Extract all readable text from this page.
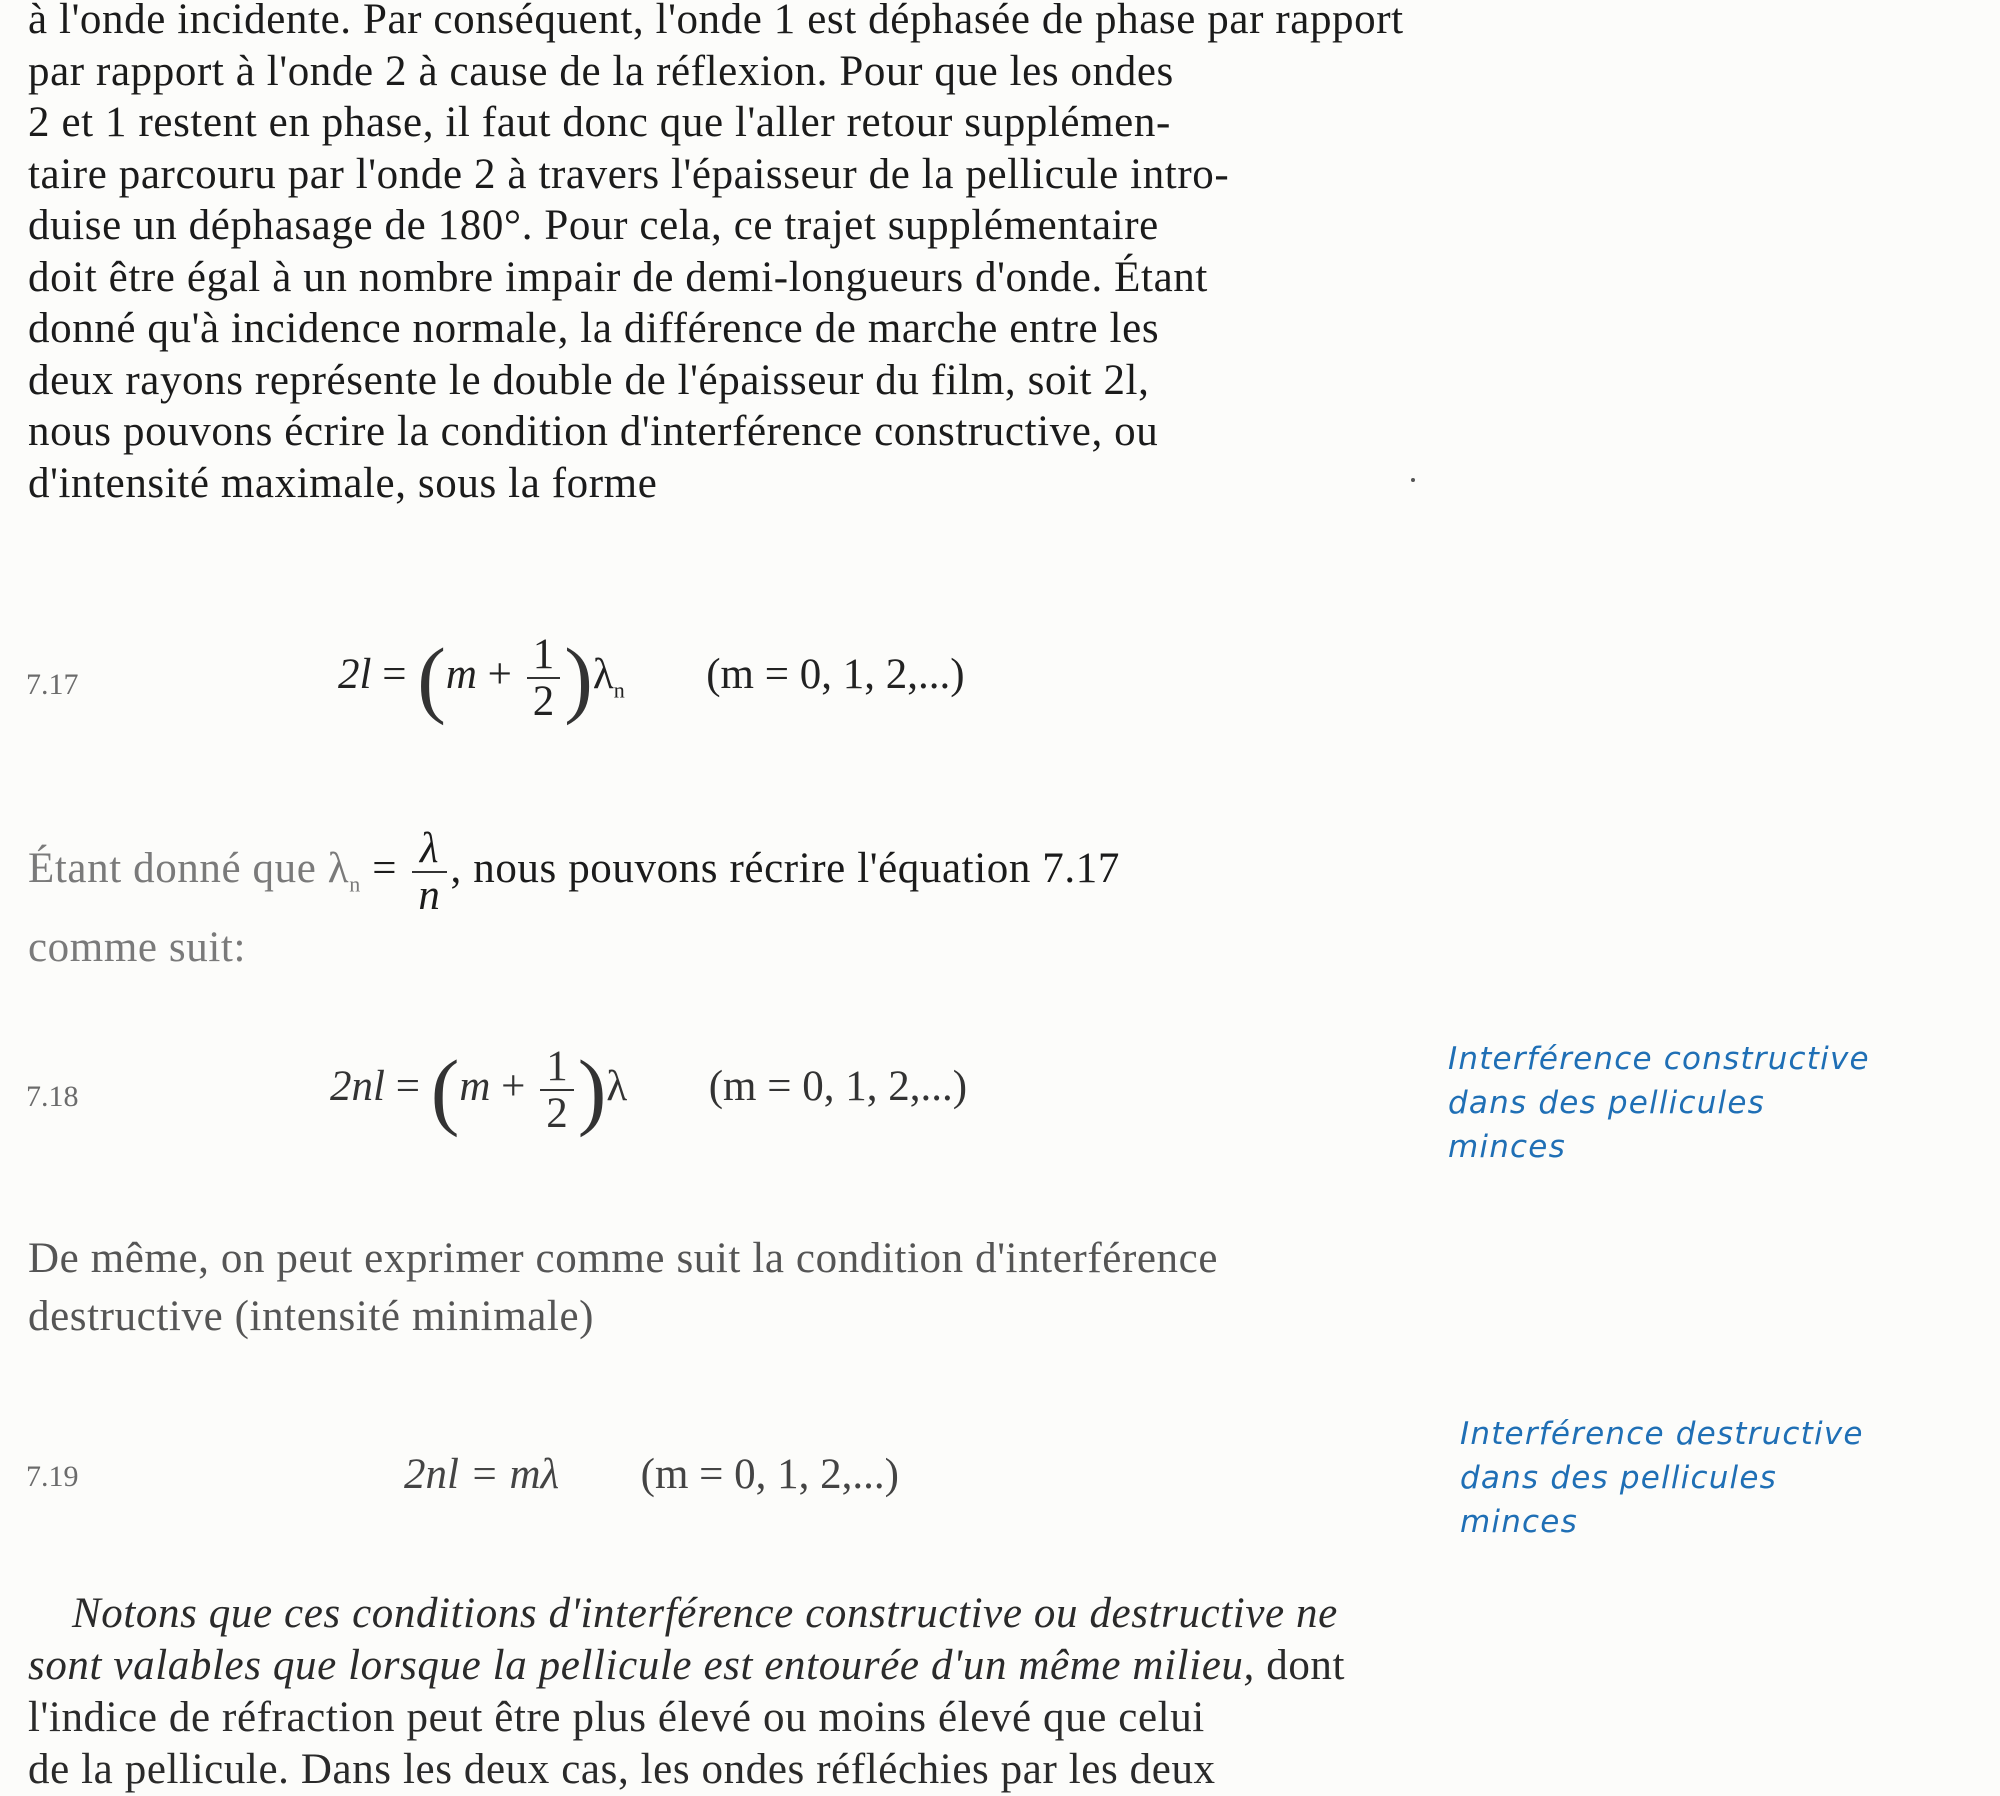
à l'onde incidente. Par conséquent, l'onde 1 est déphasée de phase par rapport
par rapport à l'onde 2 à cause de la réflexion. Pour que les ondes
2 et 1 restent en phase, il faut donc que l'aller retour supplémen-
taire parcouru par l'onde 2 à travers l'épaisseur de la pellicule intro-
duise un déphasage de 180°. Pour cela, ce trajet supplémentaire
doit être égal à un nombre impair de demi-longueurs d'onde. Étant
donné qu'à incidence normale, la différence de marche entre les
deux rayons représente le double de l'épaisseur du film, soit 2l,
nous pouvons écrire la condition d'interférence constructive, ou
d'intensité maximale, sous la forme
7.17	$2l = (m + \frac{1}{2} )\lambda_n$ (m = 0, 1, 2,...)
Étant donné que $\lambda_n = \frac{\lambda}{n}$ , nous pouvons récrire l'équation 7.17
comme suit:
7.18	$2nl = (m + \frac{1}{2} )\lambda$ (m = 0, 1, 2,...)
Interférence constructive
dans des pellicules
minces
De même, on peut exprimer comme suit la condition d'interférence
destructive (intensité minimale)
7.19	2nl = mλ (m = 0, 1, 2,...)
Interférence destructive
dans des pellicules
minces
Notons que ces conditions d'interférence constructive ou destructive ne
sont valables que lorsque la pellicule est entourée d'un même milieu, dont
l'indice de réfraction peut être plus élevé ou moins élevé que celui
de la pellicule. Dans les deux cas, les ondes réfléchies par les deux
